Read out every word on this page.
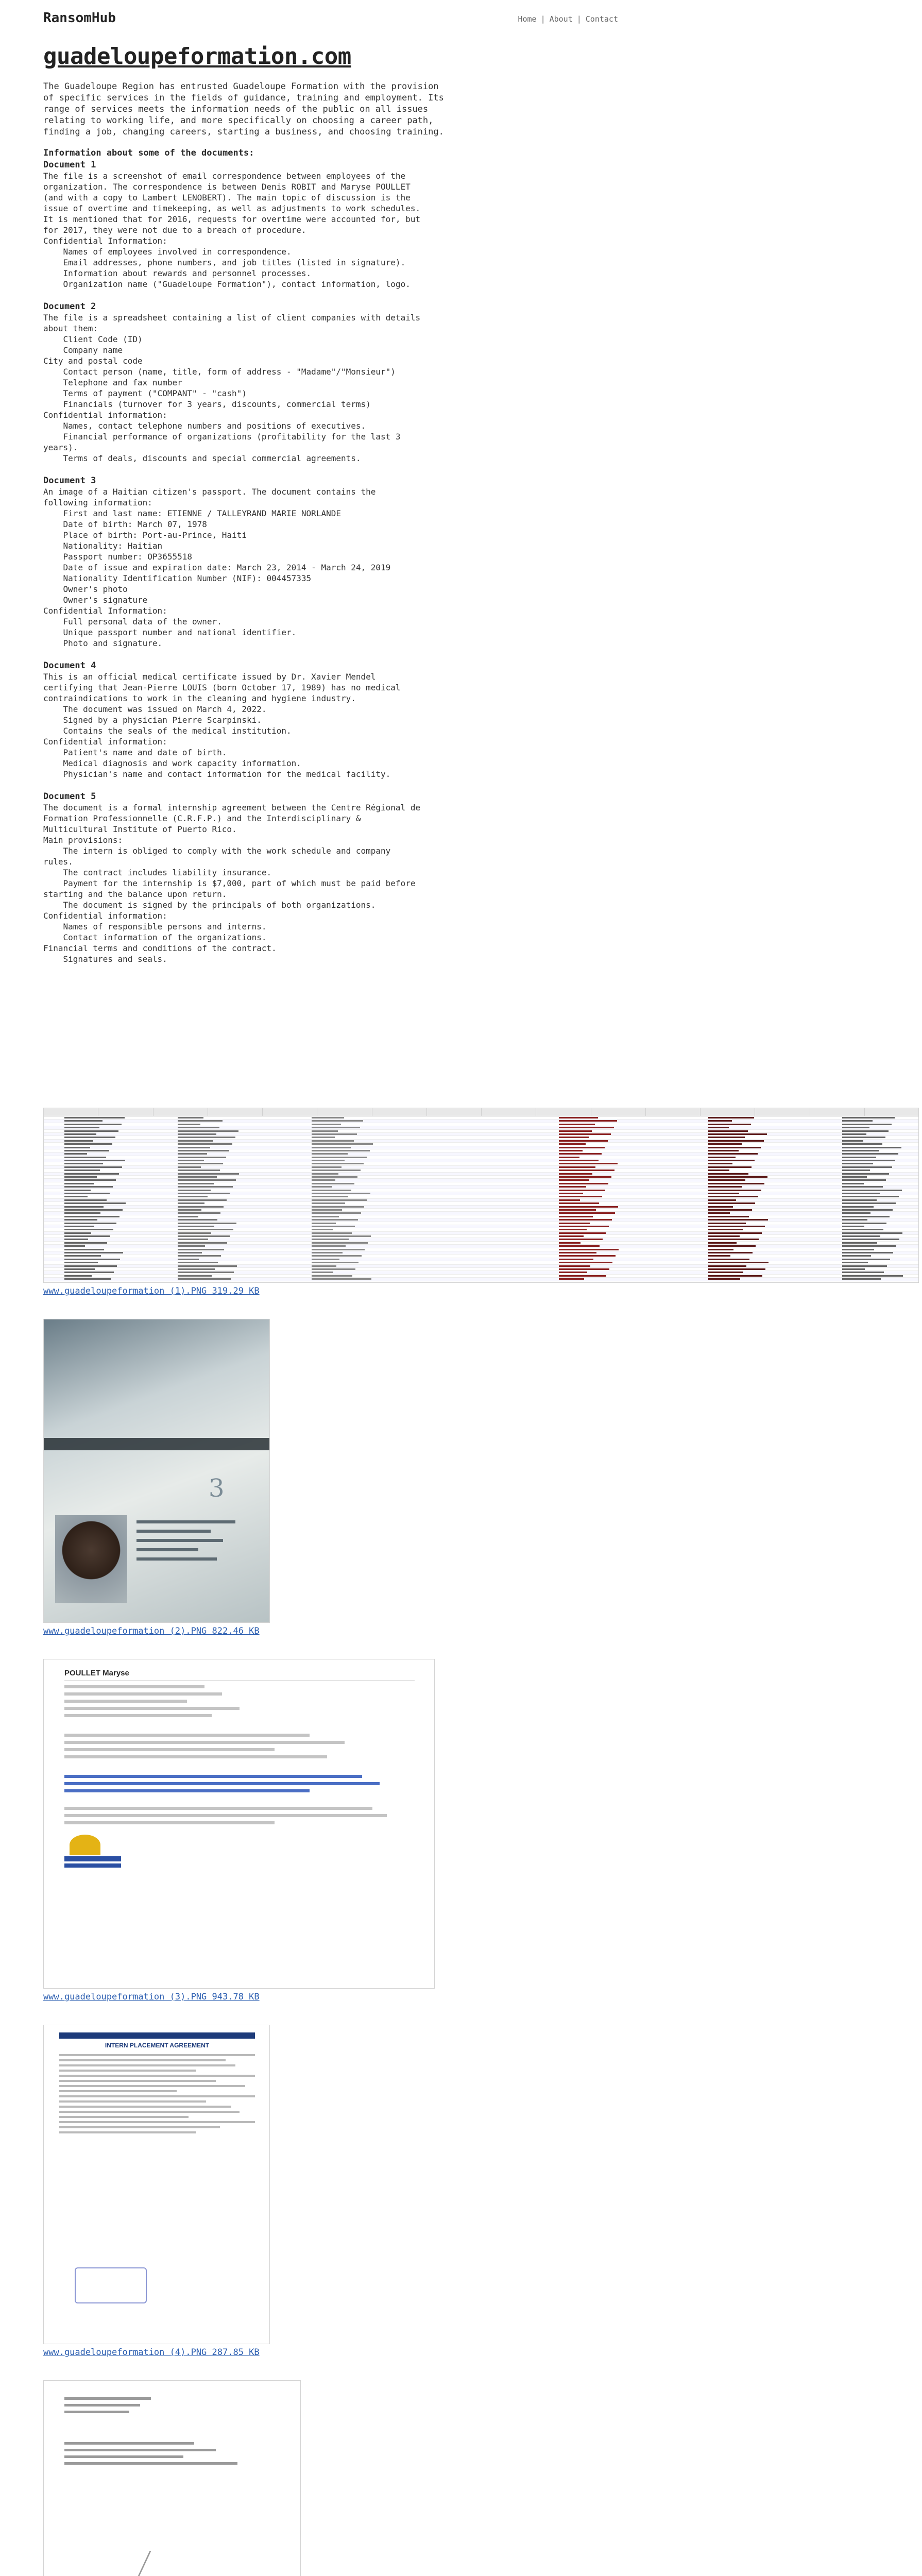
RansomHub	Home | About | Contact
guadeloupeformation.com
The Guadeloupe Region has entrusted Guadeloupe Formation with the provision
of specific services in the fields of guidance, training and employment. Its
range of services meets the information needs of the public on all issues
relating to working life, and more specifically on choosing a career path,
finding a job, changing careers, starting a business, and choosing training.
Information about some of the documents:
Document 1
The file is a screenshot of email correspondence between employees of the
organization. The correspondence is between Denis ROBIT and Maryse POULLET
(and with a copy to Lambert LENOBERT). The main topic of discussion is the
issue of overtime and timekeeping, as well as adjustments to work schedules.
It is mentioned that for 2016, requests for overtime were accounted for, but
for 2017, they were not due to a breach of procedure.
Confidential Information:
Names of employees involved in correspondence.
Email addresses, phone numbers, and job titles (listed in signature).
Information about rewards and personnel processes.
Organization name ("Guadeloupe Formation"), contact information, logo.
Document 2
The file is a spreadsheet containing a list of client companies with details
about them:
Client Code (ID)
Company name
City and postal code
Contact person (name, title, form of address - "Madame"/"Monsieur")
Telephone and fax number
Terms of payment ("COMPANT" - "cash")
Financials (turnover for 3 years, discounts, commercial terms)
Confidential information:
Names, contact telephone numbers and positions of executives.
Financial performance of organizations (profitability for the last 3
years).
Terms of deals, discounts and special commercial agreements.
Document 3
An image of a Haitian citizen's passport. The document contains the
following information:
First and last name: ETIENNE / TALLEYRAND MARIE NORLANDE
Date of birth: March 07, 1978
Place of birth: Port-au-Prince, Haiti
Nationality: Haitian
Passport number: OP3655518
Date of issue and expiration date: March 23, 2014 - March 24, 2019
Nationality Identification Number (NIF): 004457335
Owner's photo
Owner's signature
Confidential Information:
Full personal data of the owner.
Unique passport number and national identifier.
Photo and signature.
Document 4
This is an official medical certificate issued by Dr. Xavier Mendel
certifying that Jean-Pierre LOUIS (born October 17, 1989) has no medical
contraindications to work in the cleaning and hygiene industry.
The document was issued on March 4, 2022.
Signed by a physician Pierre Scarpinski.
Contains the seals of the medical institution.
Confidential information:
Patient's name and date of birth.
Medical diagnosis and work capacity information.
Physician's name and contact information for the medical facility.
Document 5
The document is a formal internship agreement between the Centre Régional de
Formation Professionnelle (C.R.F.P.) and the Interdisciplinary &
Multicultural Institute of Puerto Rico.
Main provisions:
The intern is obliged to comply with the work schedule and company
rules.
The contract includes liability insurance.
Payment for the internship is $7,000, part of which must be paid before
starting and the balance upon return.
The document is signed by the principals of both organizations.
Confidential information:
Names of responsible persons and interns.
Contact information of the organizations.
Financial terms and conditions of the contract.
Signatures and seals.
www.guadeloupeformation (1).PNG 319.29 KB
3
www.guadeloupeformation (2).PNG 822.46 KB
POULLET Maryse
www.guadeloupeformation (3).PNG 943.78 KB
INTERN PLACEMENT AGREEMENT
www.guadeloupeformation (4).PNG 287.85 KB
